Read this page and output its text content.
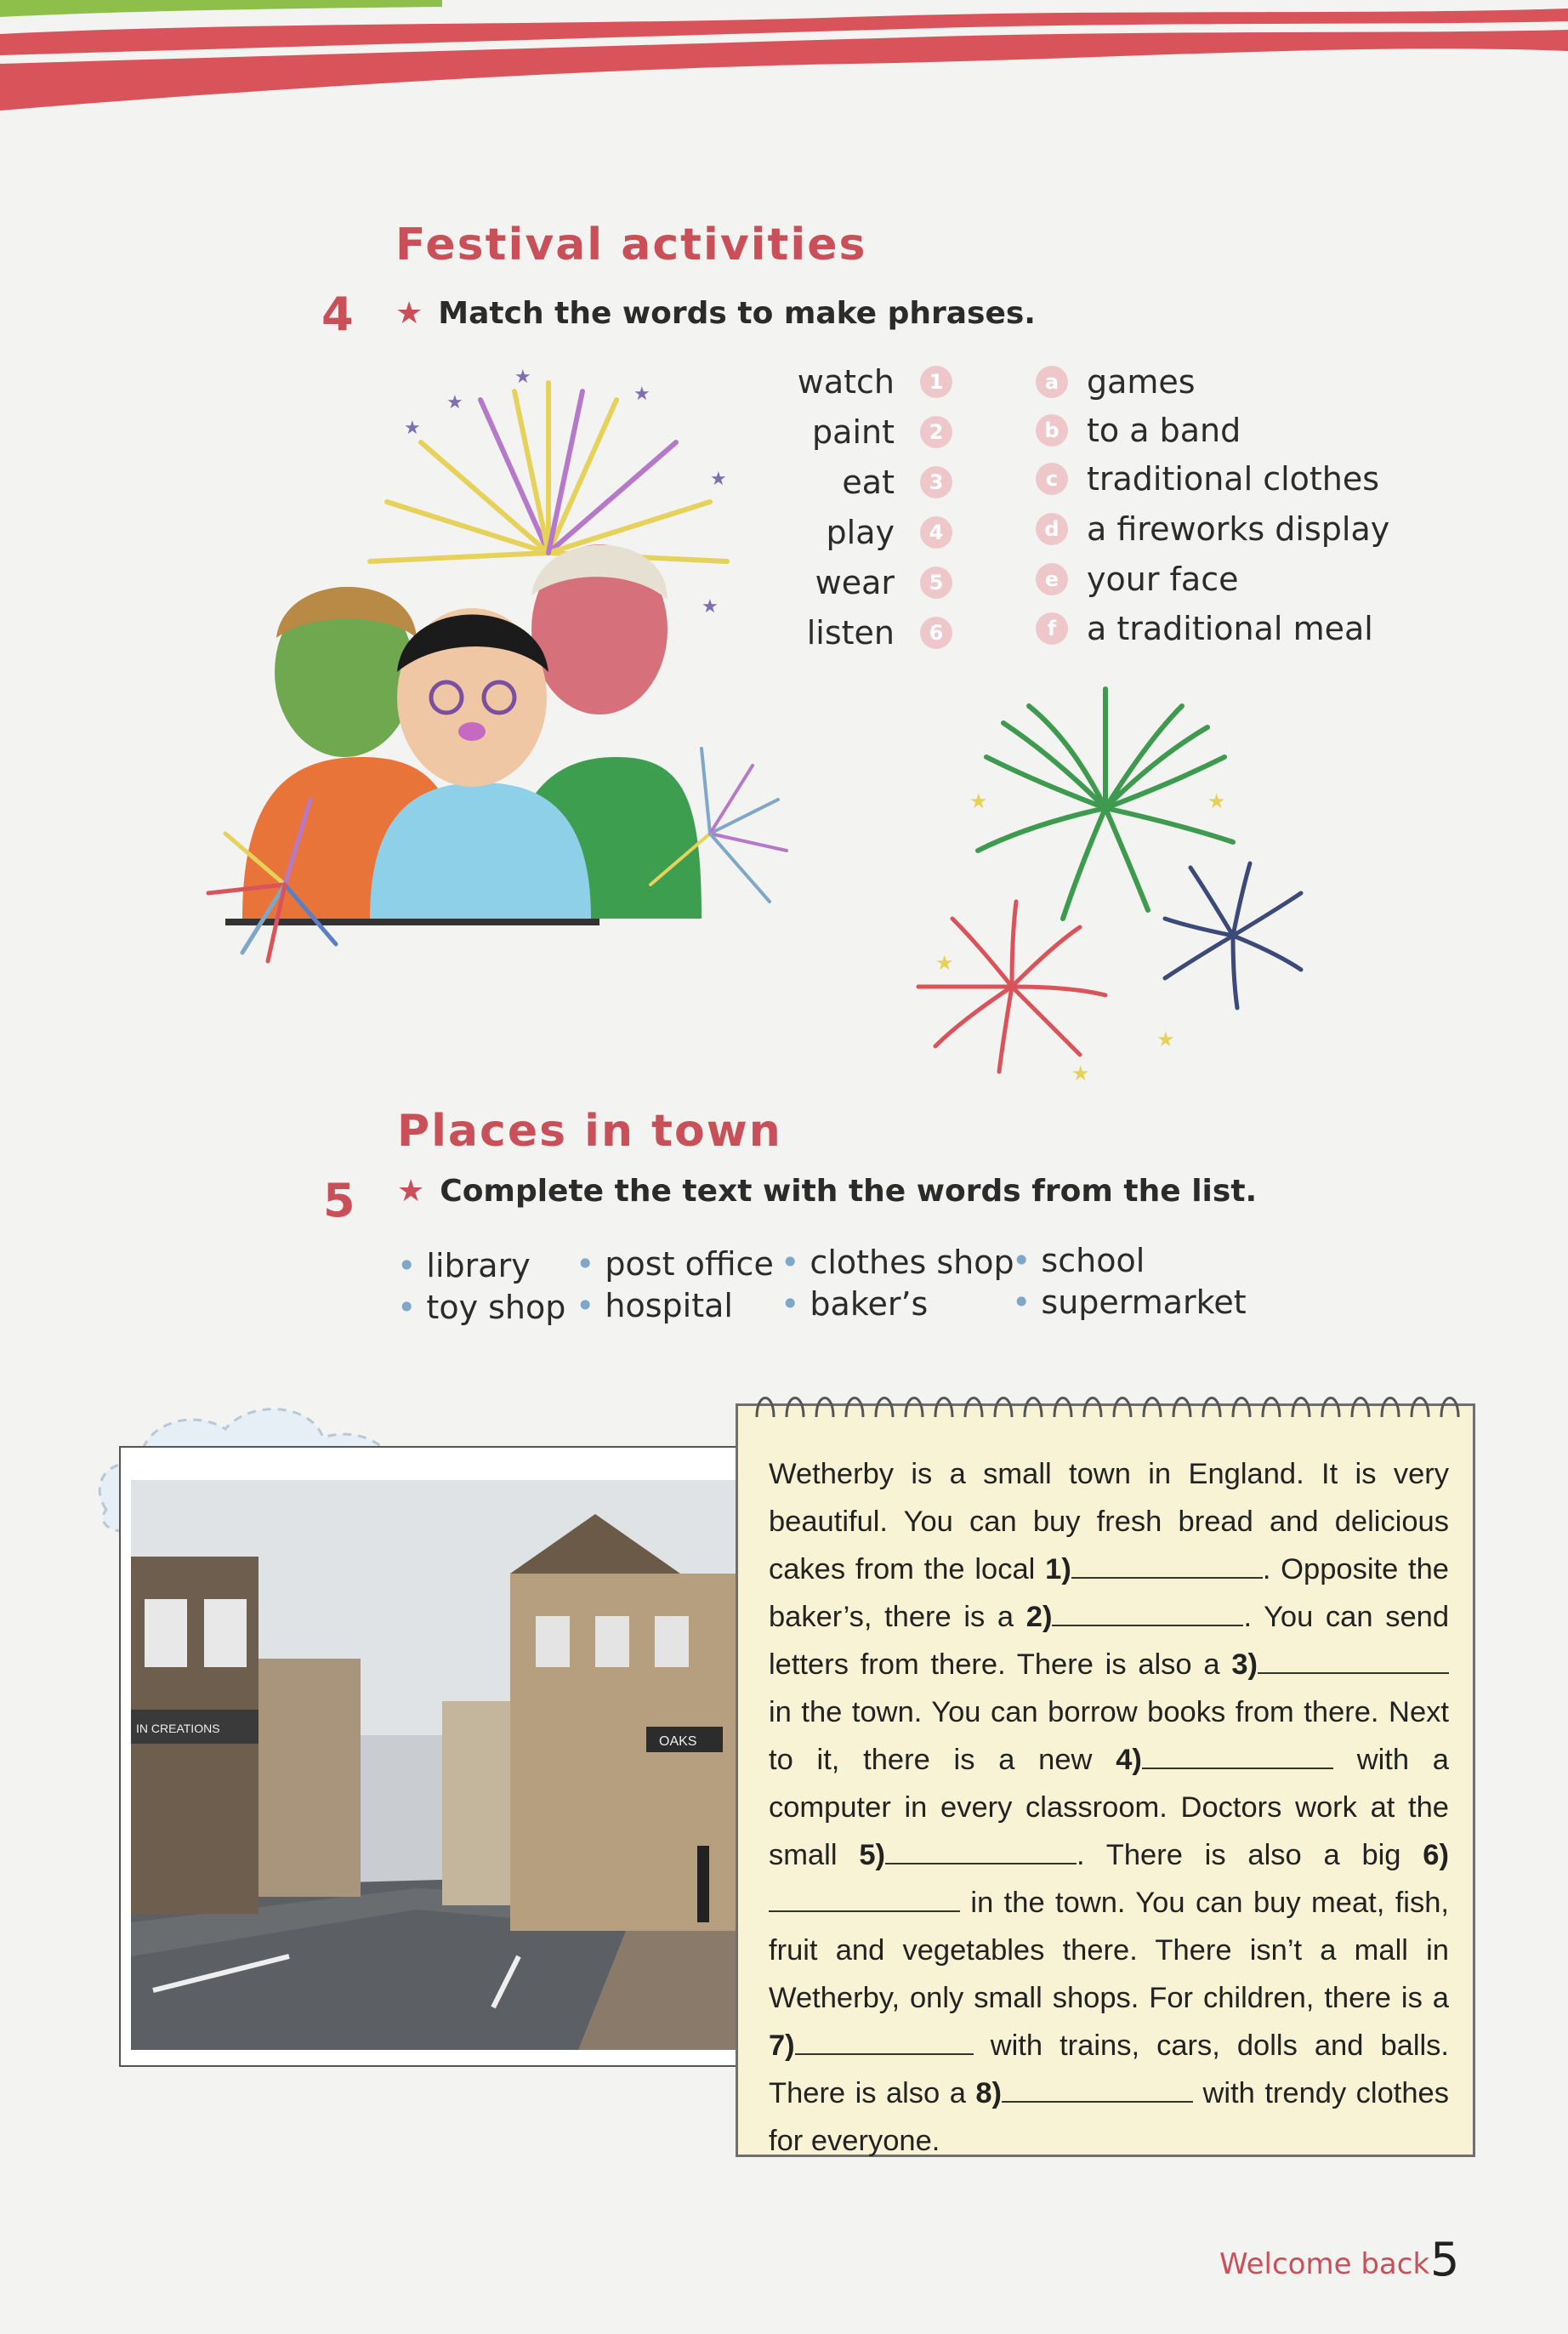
Festival activities
4 ★ Match the words to make phrases.
★
★
★
★
★
★
watch	1
paint	2
eat	3
play	4
wear	5
listen	6
a games
b to a band
c traditional clothes
d a fireworks display
e your face
f a traditional meal
★	★
★
★
★
Places in town
5 ★ Complete the text with the words from the list.
• library
• toy shop
• post office
• hospital
• clothes shop
• baker’s
• school
• supermarket
IN CREATIONS
OAKS
Wetherby is a small town in England. It is very beautiful. You can buy fresh bread and delicious cakes from the local 1)	. Opposite the baker’s, there is a 2)	. You can send letters from there. There is also a 3) in the town. You can borrow books from there. Next to it, there is a new 4)	with a computer in every classroom. Doctors work at the small 5)	. There is also a big 6) in the town. You can buy meat, fish, fruit and vegetables there. There isn’t a mall in Wetherby, only small shops. For children, there is a 7)	with trains, cars, dolls and balls. There is also a 8)	with trendy clothes for everyone.
Welcome back 5
